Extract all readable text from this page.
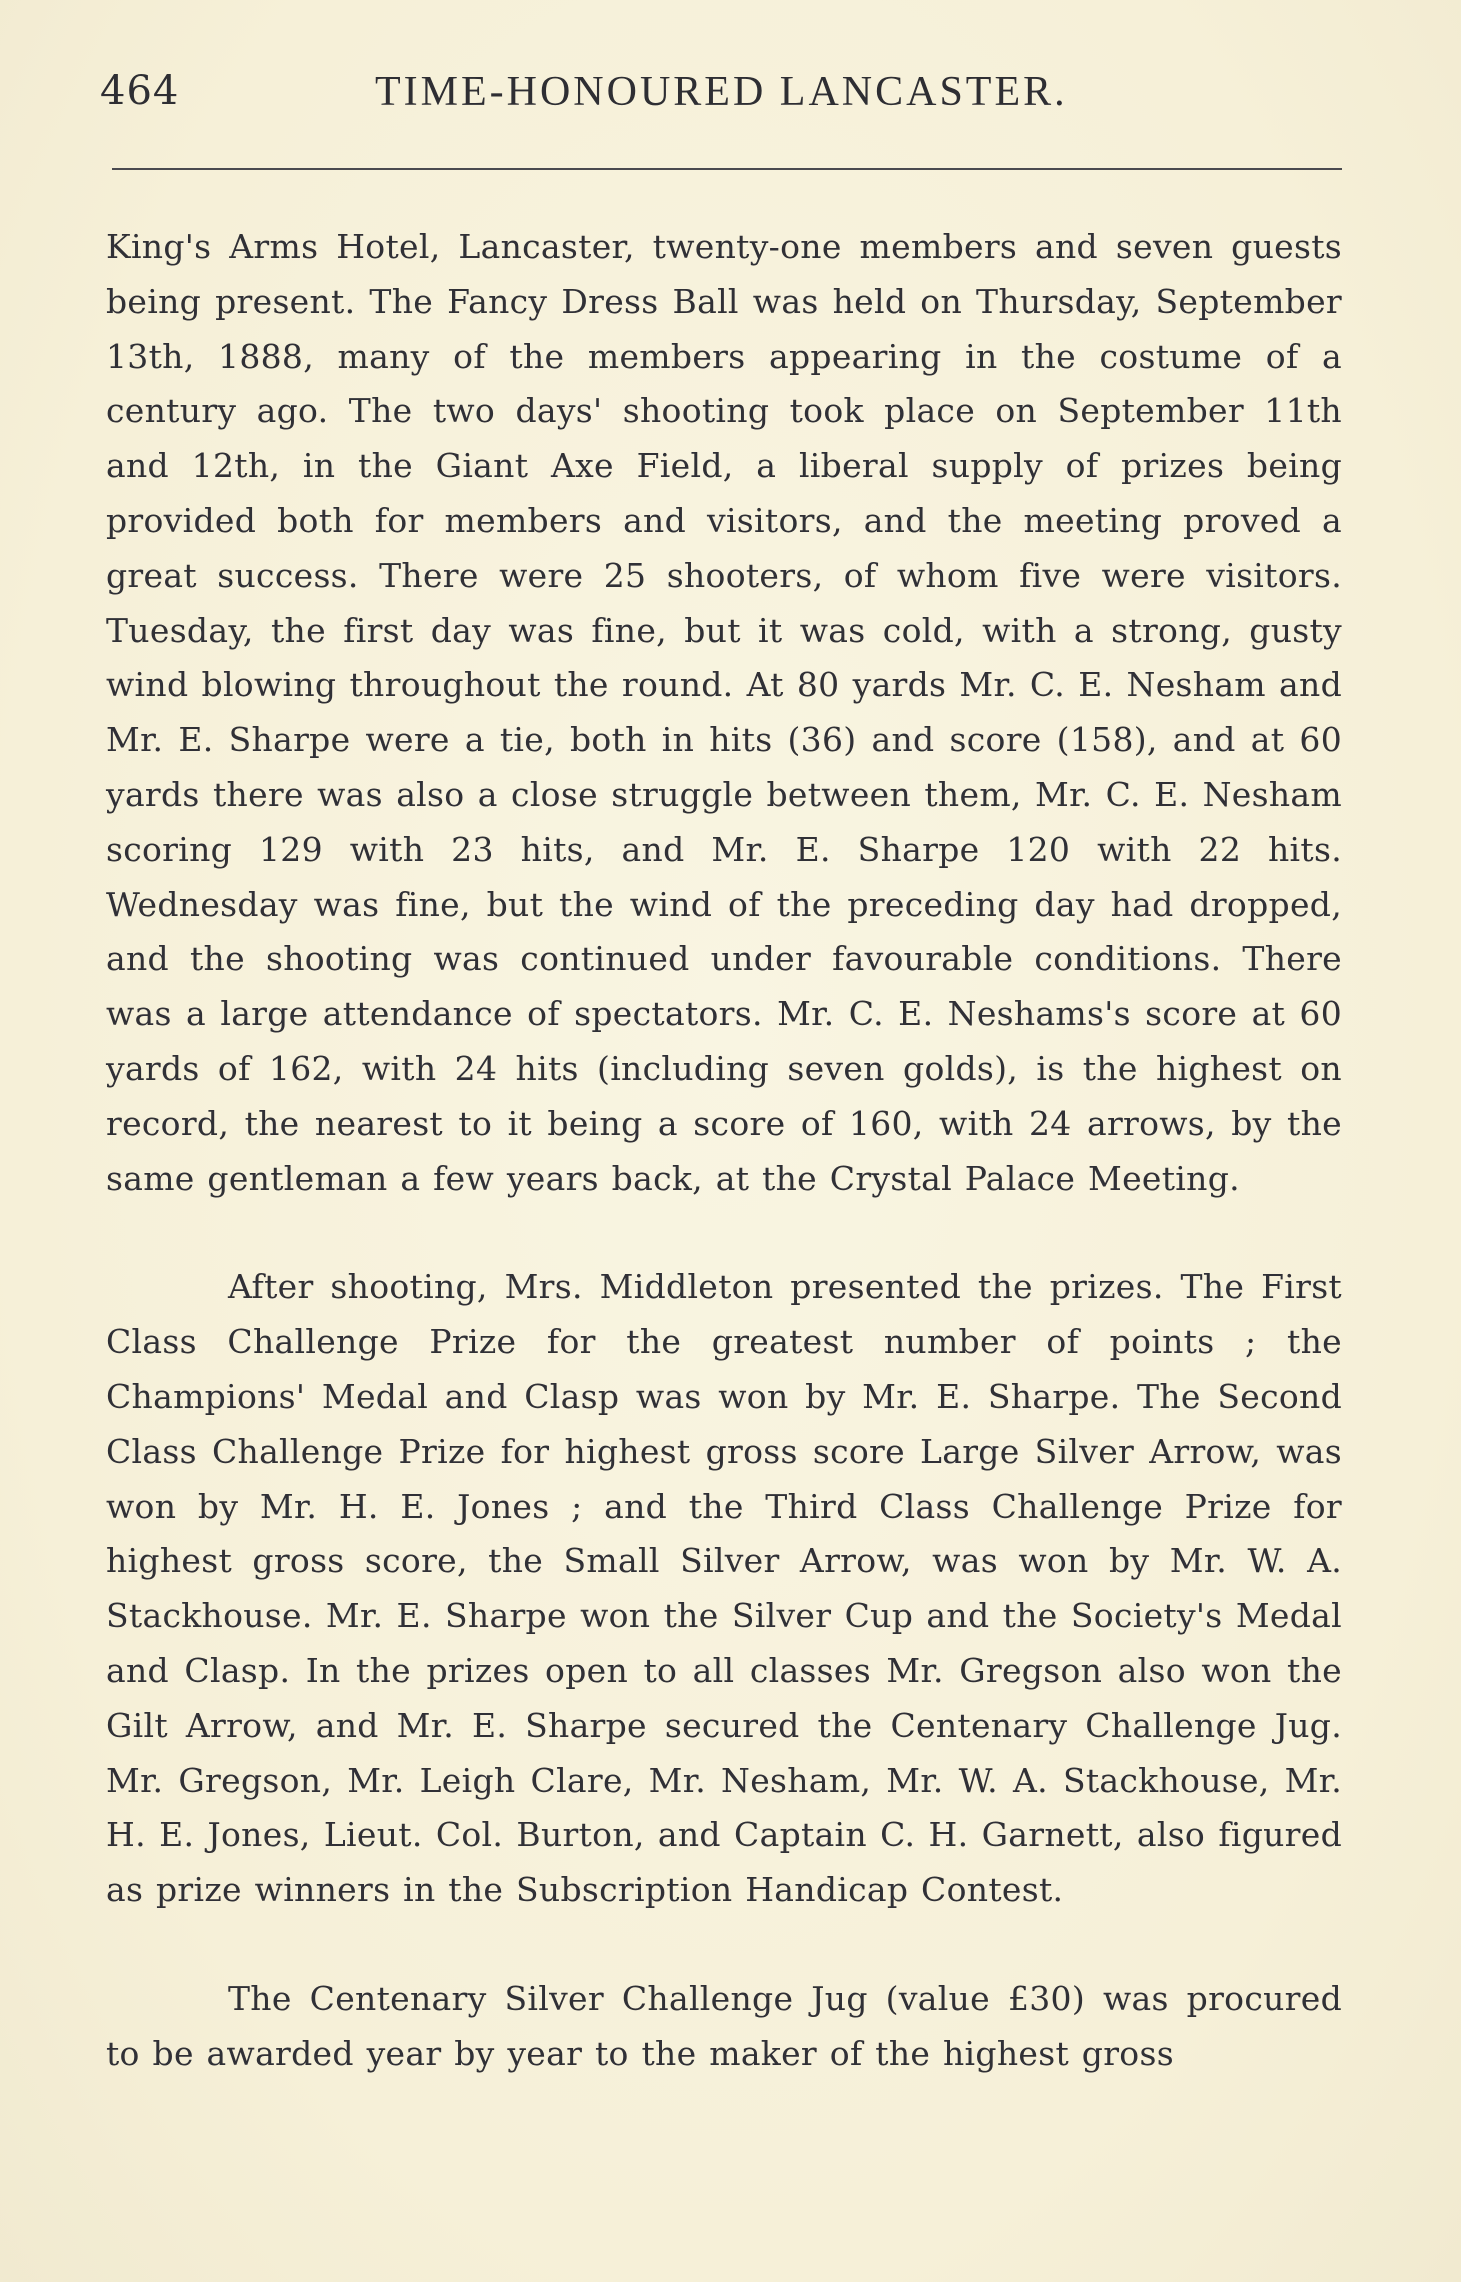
464	TIME-HONOURED LANCASTER.

King's Arms Hotel, Lancaster, twenty-one members and seven guests being present. The Fancy Dress Ball was held on Thursday, September 13th, 1888, many of the members appearing in the costume of a century ago. The two days' shooting took place on September 11th and 12th, in the Giant Axe Field, a liberal supply of prizes being provided both for members and visitors, and the meeting proved a great success. There were 25 shooters, of whom five were visitors. Tuesday, the first day was fine, but it was cold, with a strong, gusty wind blowing throughout the round. At 80 yards Mr. C. E. Nesham and Mr. E. Sharpe were a tie, both in hits (36) and score (158), and at 60 yards there was also a close struggle between them, Mr. C. E. Nesham scoring 129 with 23 hits, and Mr. E. Sharpe 120 with 22 hits. Wednesday was fine, but the wind of the preceding day had dropped, and the shooting was continued under favourable conditions. There was a large attendance of spectators. Mr. C. E. Neshams's score at 60 yards of 162, with 24 hits (including seven golds), is the highest on record, the nearest to it being a score of 160, with 24 arrows, by the same gentleman a few years back, at the Crystal Palace Meeting.

After shooting, Mrs. Middleton presented the prizes. The First Class Challenge Prize for the greatest number of points ; the Champions' Medal and Clasp was won by Mr. E. Sharpe. The Second Class Challenge Prize for highest gross score Large Silver Arrow, was won by Mr. H. E. Jones ; and the Third Class Challenge Prize for highest gross score, the Small Silver Arrow, was won by Mr. W. A. Stackhouse. Mr. E. Sharpe won the Silver Cup and the Society's Medal and Clasp. In the prizes open to all classes Mr. Gregson also won the Gilt Arrow, and Mr. E. Sharpe secured the Centenary Challenge Jug. Mr. Gregson, Mr. Leigh Clare, Mr. Nesham, Mr. W. A. Stackhouse, Mr. H. E. Jones, Lieut. Col. Burton, and Captain C. H. Garnett, also figured as prize winners in the Subscription Handicap Contest.

The Centenary Silver Challenge Jug (value £30) was procured to be awarded year by year to the maker of the highest gross
